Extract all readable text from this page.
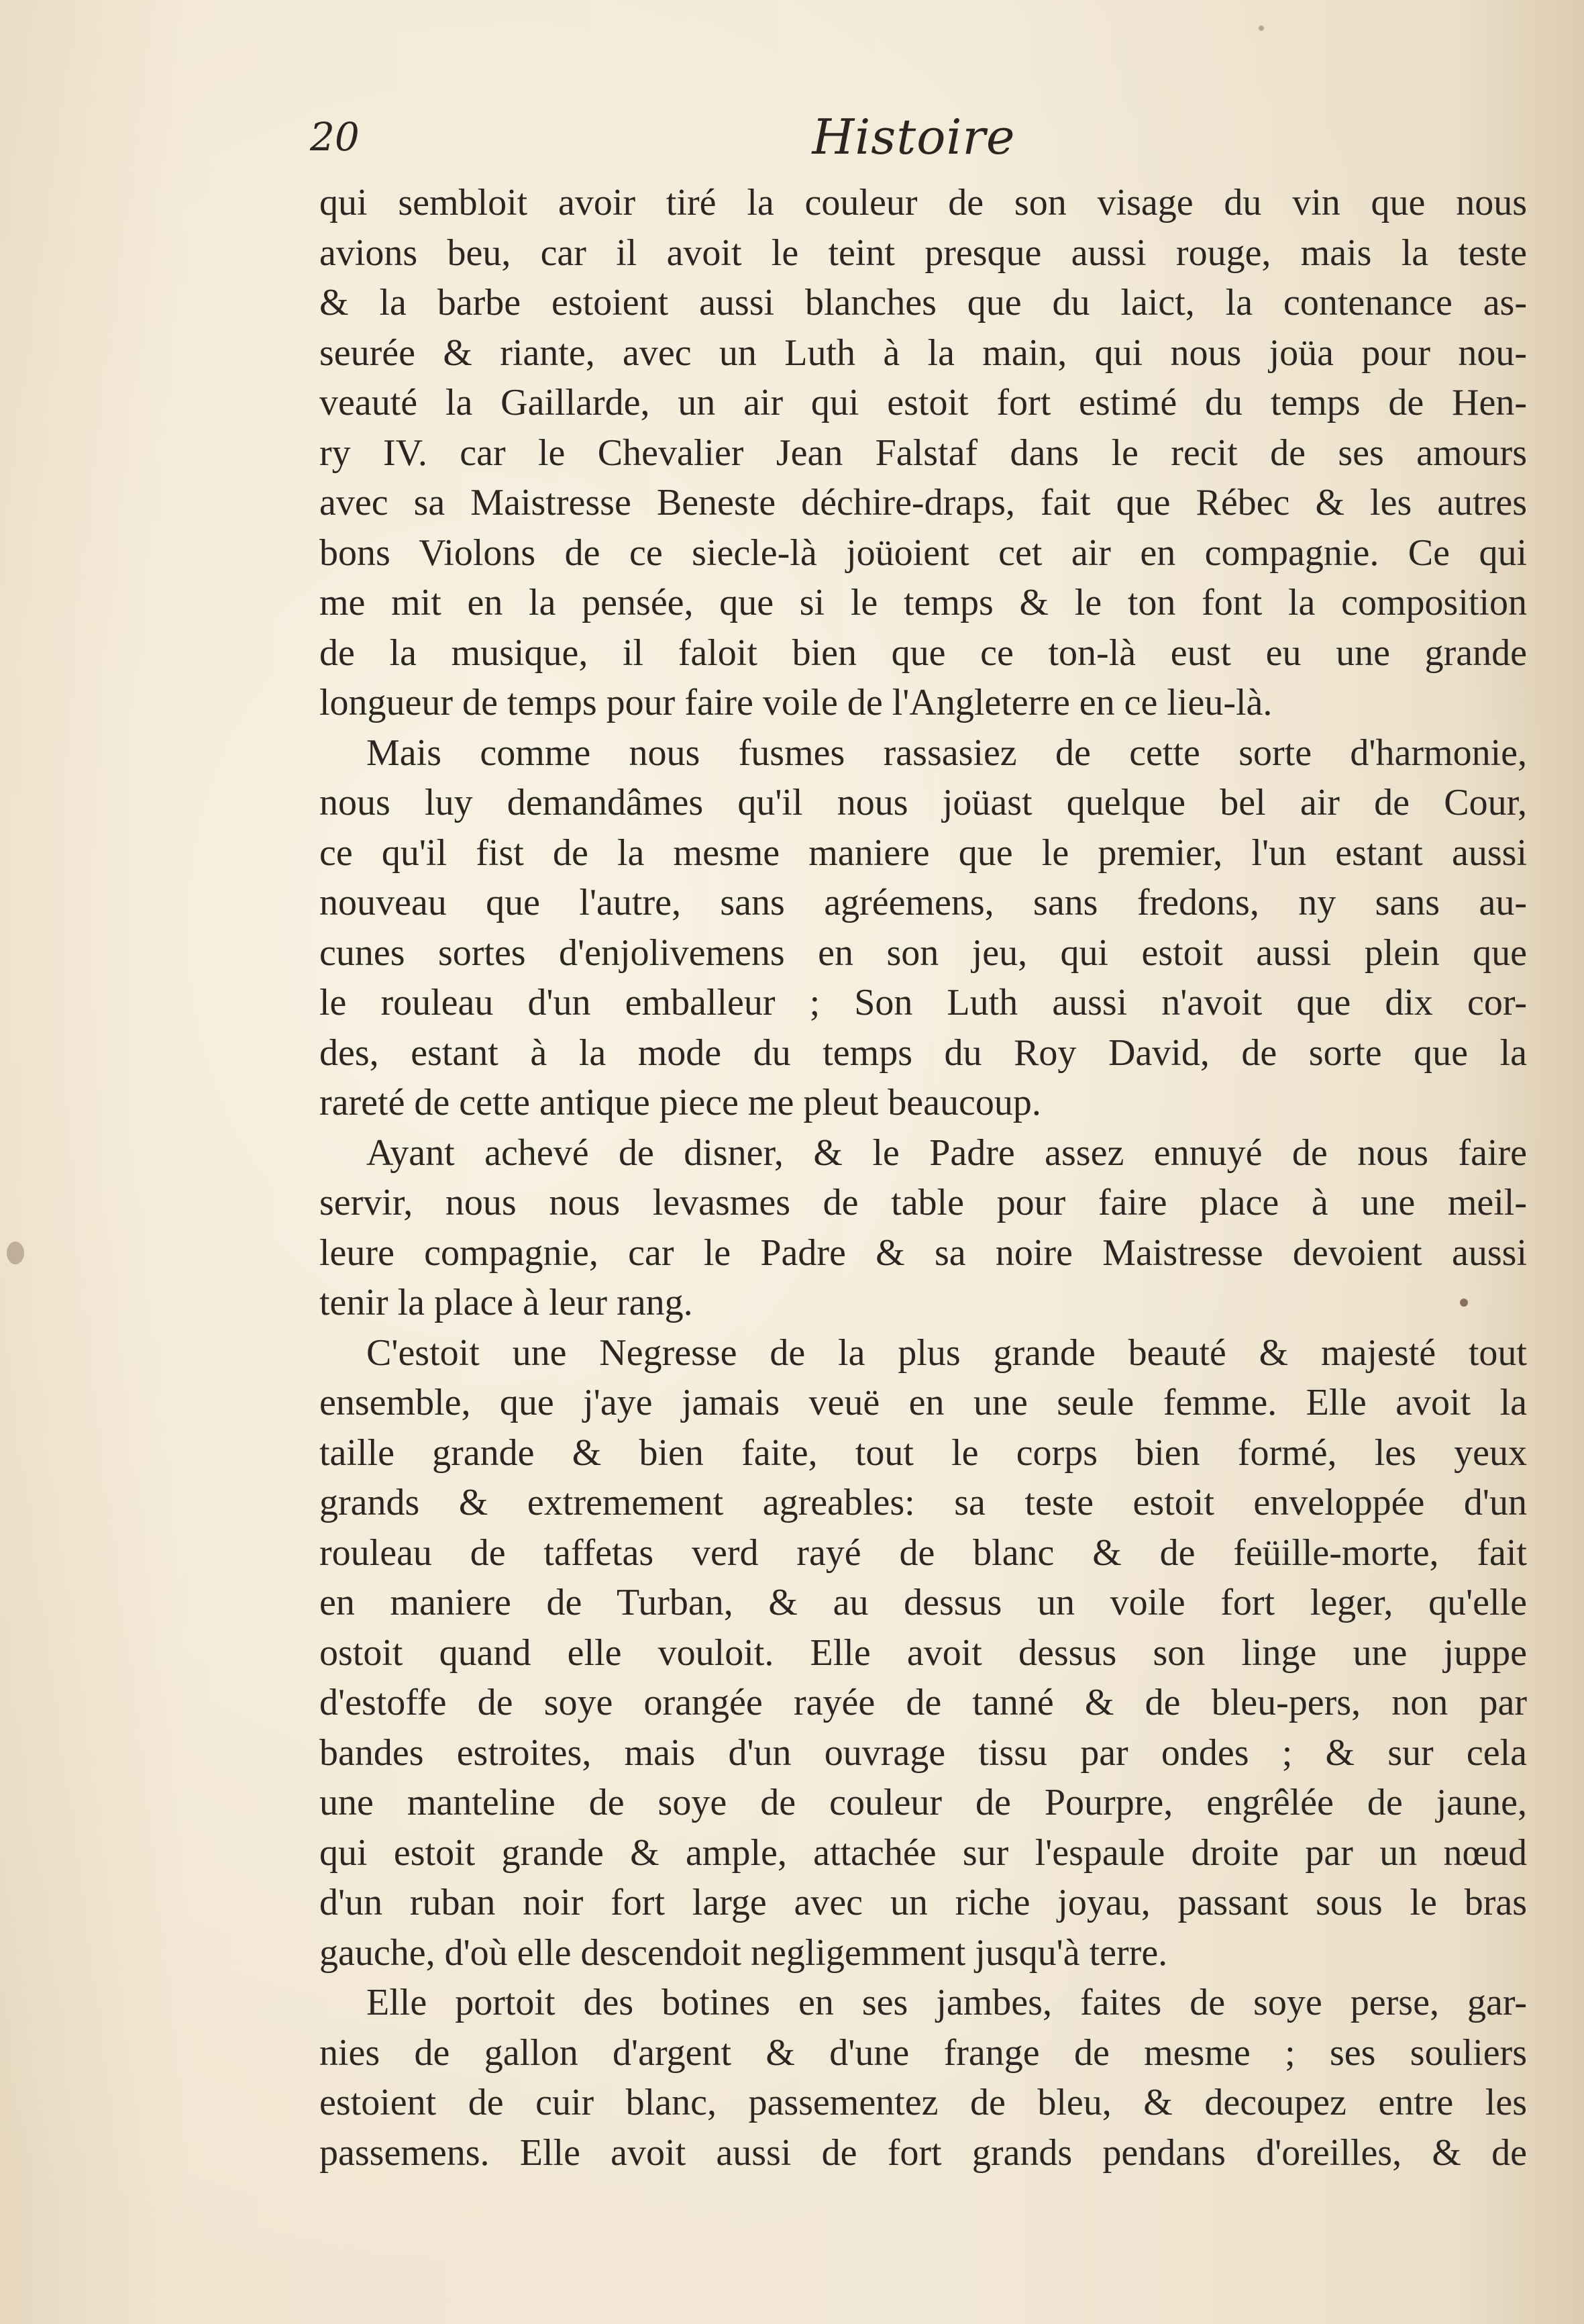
20	Histoire
qui sembloit avoir tiré la couleur de son visage du vin que nous
avions beu, car il avoit le teint presque aussi rouge, mais la teste
& la barbe estoient aussi blanches que du laict, la contenance as-
seurée & riante, avec un Luth à la main, qui nous joüa pour nou-
veauté la Gaillarde, un air qui estoit fort estimé du temps de Hen-
ry IV. car le Chevalier Jean Falstaf dans le recit de ses amours
avec sa Maistresse Beneste déchire-draps, fait que Rébec & les autres
bons Violons de ce siecle-là joüoient cet air en compagnie. Ce qui
me mit en la pensée, que si le temps & le ton font la composition
de la musique, il faloit bien que ce ton-là eust eu une grande
longueur de temps pour faire voile de l'Angleterre en ce lieu-là.
Mais comme nous fusmes rassasiez de cette sorte d'harmonie,
nous luy demandâmes qu'il nous joüast quelque bel air de Cour,
ce qu'il fist de la mesme maniere que le premier, l'un estant aussi
nouveau que l'autre, sans agréemens, sans fredons, ny sans au-
cunes sortes d'enjolivemens en son jeu, qui estoit aussi plein que
le rouleau d'un emballeur ; Son Luth aussi n'avoit que dix cor-
des, estant à la mode du temps du Roy David, de sorte que la
rareté de cette antique piece me pleut beaucoup.
Ayant achevé de disner, & le Padre assez ennuyé de nous faire
servir, nous nous levasmes de table pour faire place à une meil-
leure compagnie, car le Padre & sa noire Maistresse devoient aussi
tenir la place à leur rang.
C'estoit une Negresse de la plus grande beauté & majesté tout
ensemble, que j'aye jamais veuë en une seule femme. Elle avoit la
taille grande & bien faite, tout le corps bien formé, les yeux
grands & extremement agreables: sa teste estoit enveloppée d'un
rouleau de taffetas verd rayé de blanc & de feüille-morte, fait
en maniere de Turban, & au dessus un voile fort leger, qu'elle
ostoit quand elle vouloit. Elle avoit dessus son linge une juppe
d'estoffe de soye orangée rayée de tanné & de bleu-pers, non par
bandes estroites, mais d'un ouvrage tissu par ondes ; & sur cela
une manteline de soye de couleur de Pourpre, engrêlée de jaune,
qui estoit grande & ample, attachée sur l'espaule droite par un nœud
d'un ruban noir fort large avec un riche joyau, passant sous le bras
gauche, d'où elle descendoit negligemment jusqu'à terre.
Elle portoit des botines en ses jambes, faites de soye perse, gar-
nies de gallon d'argent & d'une frange de mesme ; ses souliers
estoient de cuir blanc, passementez de bleu, & decoupez entre les
passemens. Elle avoit aussi de fort grands pendans d'oreilles, & de
